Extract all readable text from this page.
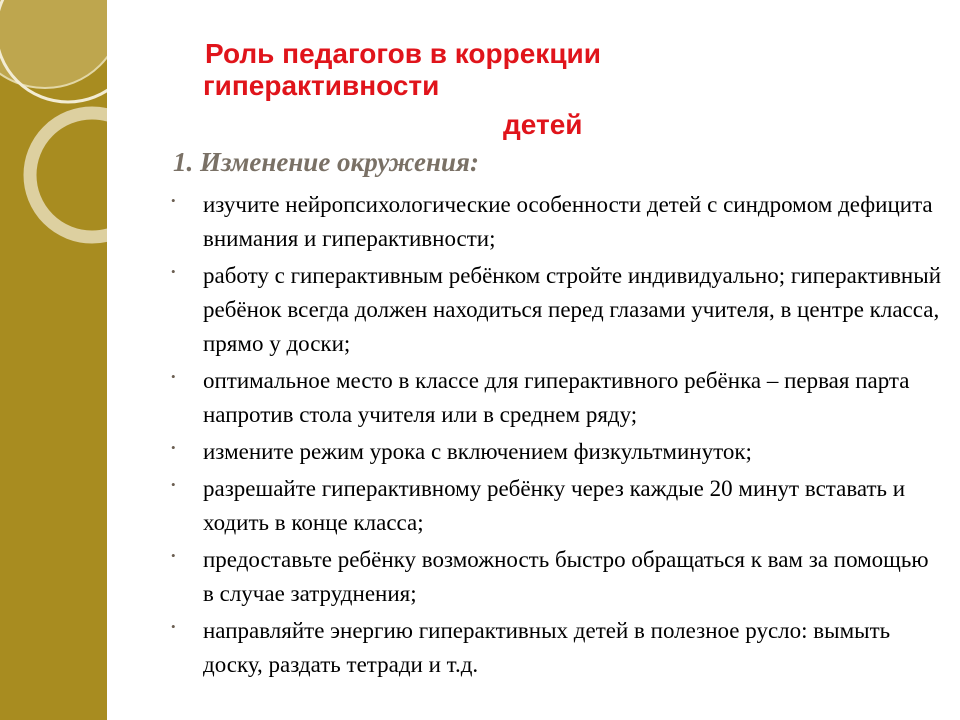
Роль педагогов в коррекции
гиперактивности
детей
1. Изменение окружения:
• изучите нейропсихологические особенности детей с синдромом дефицита внимания и гиперактивности;
• работу с гиперактивным ребёнком стройте индивидуально; гиперактивный ребёнок всегда должен находиться перед глазами учителя, в центре класса, прямо у доски;
• оптимальное место в классе для гиперактивного ребёнка – первая парта напротив стола учителя или в среднем ряду;
• измените режим урока с включением физкультминуток;
• разрешайте гиперактивному ребёнку через каждые 20 минут вставать и ходить в конце класса;
• предоставьте ребёнку возможность быстро обращаться к вам за помощью в случае затруднения;
• направляйте энергию гиперактивных детей в полезное русло: вымыть доску, раздать тетради и т.д.
